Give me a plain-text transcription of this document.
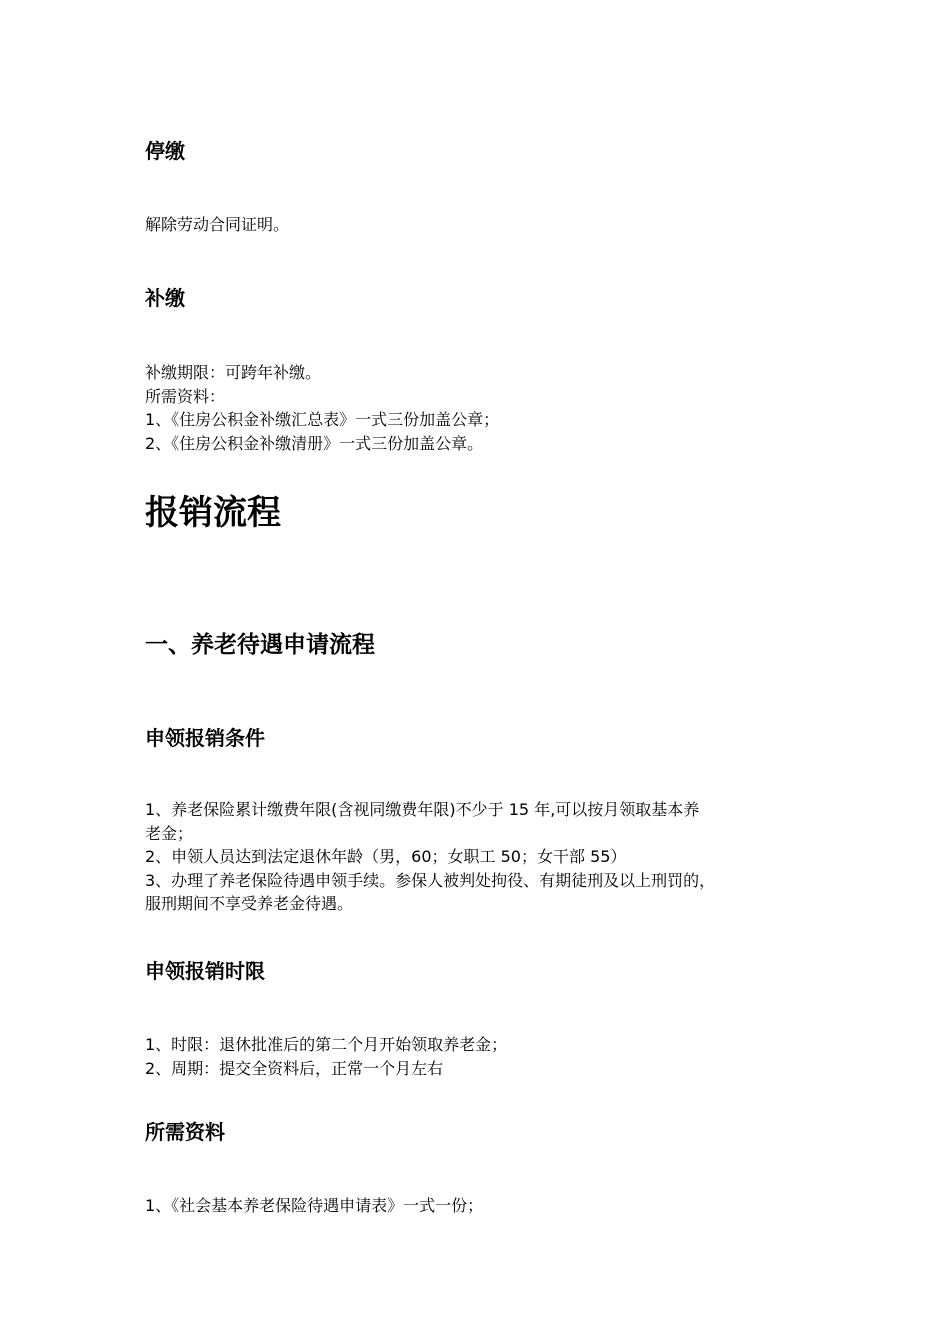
停缴
解除劳动合同证明。
补缴
补缴期限：可跨年补缴。
所需资料：
1、《住房公积金补缴汇总表》一式三份加盖公章；
2、《住房公积金补缴清册》一式三份加盖公章。
报销流程
一、养老待遇申请流程
申领报销条件
1、养老保险累计缴费年限(含视同缴费年限)不少于 15 年,可以按月领取基本养
老金；
2、申领人员达到法定退休年龄（男，60；女职工 50；女干部 55）
3、办理了养老保险待遇申领手续。参保人被判处拘役、有期徒刑及以上刑罚的，
服刑期间不享受养老金待遇。
申领报销时限
1、时限：退休批准后的第二个月开始领取养老金；
2、周期：提交全资料后，正常一个月左右
所需资料
1、《社会基本养老保险待遇申请表》一式一份；
